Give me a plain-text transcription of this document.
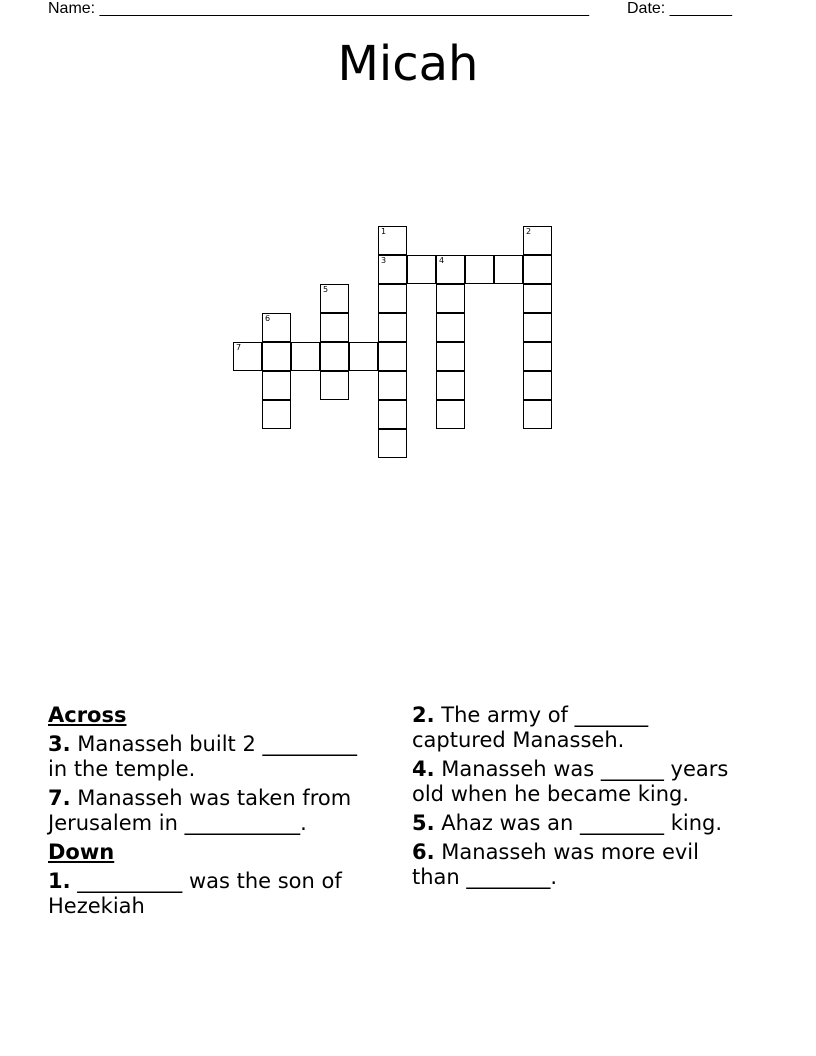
Name: _______________________________________________________ Date: _______
Micah
1	2
3	4
5
6
7
Across
3. Manasseh built 2 _________ in the temple.
7. Manasseh was taken from Jerusalem in ___________.
Down
1. __________ was the son of Hezekiah
2. The army of _______ captured Manasseh.
4. Manasseh was ______ years old when he became king.
5. Ahaz was an ________ king.
6. Manasseh was more evil than ________.
